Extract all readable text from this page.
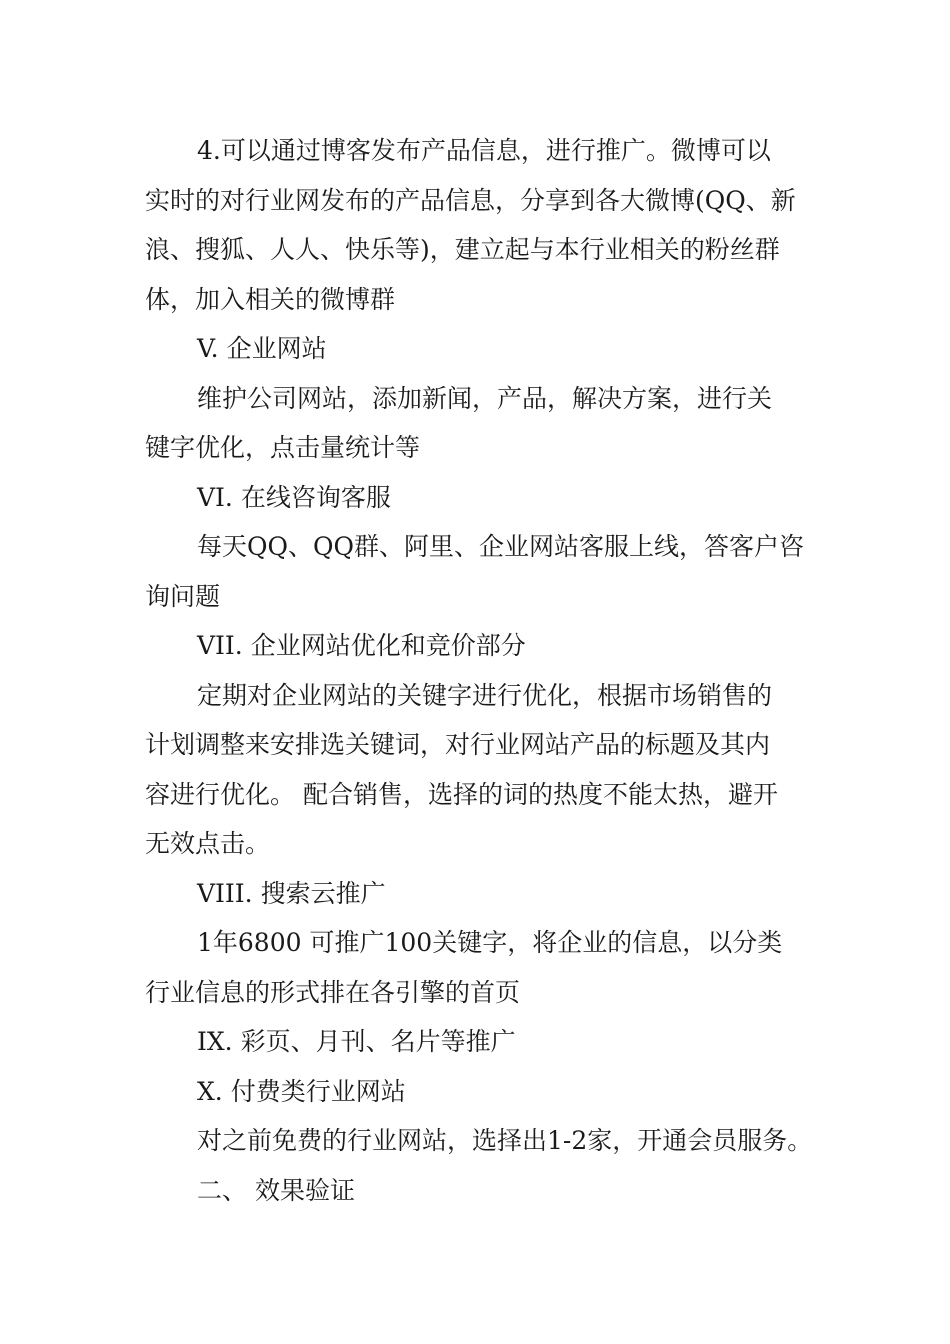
4.可以通过博客发布产品信息，进行推广。微博可以
实时的对行业网发布的产品信息，分享到各大微博(QQ、新
浪、搜狐、人人、快乐等)，建立起与本行业相关的粉丝群
体，加入相关的微博群
V. 企业网站
维护公司网站，添加新闻，产品，解决方案，进行关
键字优化，点击量统计等
VI. 在线咨询客服
每天QQ、QQ群、阿里、企业网站客服上线，答客户咨
询问题
VII. 企业网站优化和竞价部分
定期对企业网站的关键字进行优化，根据市场销售的
计划调整来安排选关键词，对行业网站产品的标题及其内
容进行优化。 配合销售，选择的词的热度不能太热，避开
无效点击。
VIII. 搜索云推广
1年6800 可推广100关键字，将企业的信息，以分类
行业信息的形式排在各引擎的首页
IX. 彩页、月刊、名片等推广
X. 付费类行业网站
对之前免费的行业网站，选择出1-2家，开通会员服务。
二、 效果验证
